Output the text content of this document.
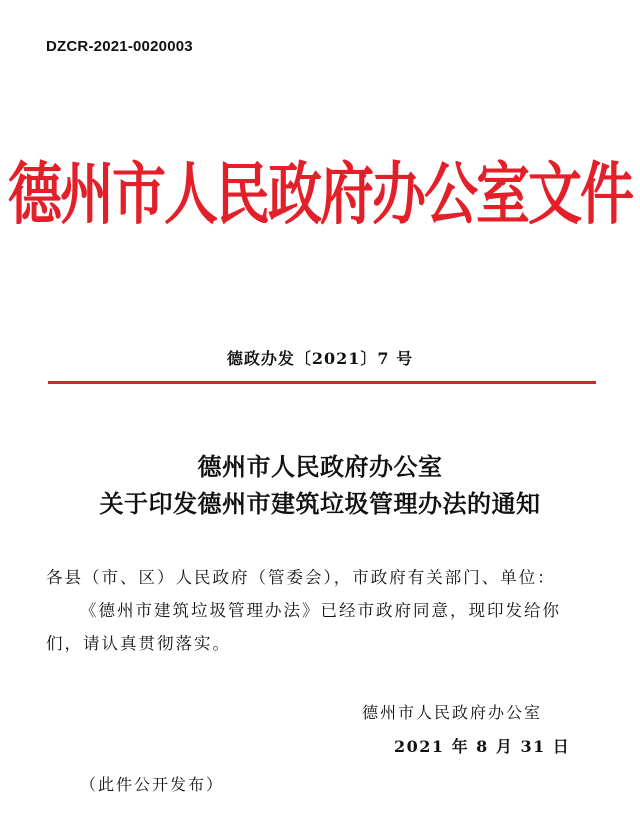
DZCR-2021-0020003
德州市人民政府办公室文件
德政办发〔2021〕7 号
德州市人民政府办公室
关于印发德州市建筑垃圾管理办法的通知
各县（市、区）人民政府（管委会），市政府有关部门、单位：
《德州市建筑垃圾管理办法》已经市政府同意，现印发给你
们，请认真贯彻落实。
德州市人民政府办公室
2021 年 8 月 31 日
（此件公开发布）
